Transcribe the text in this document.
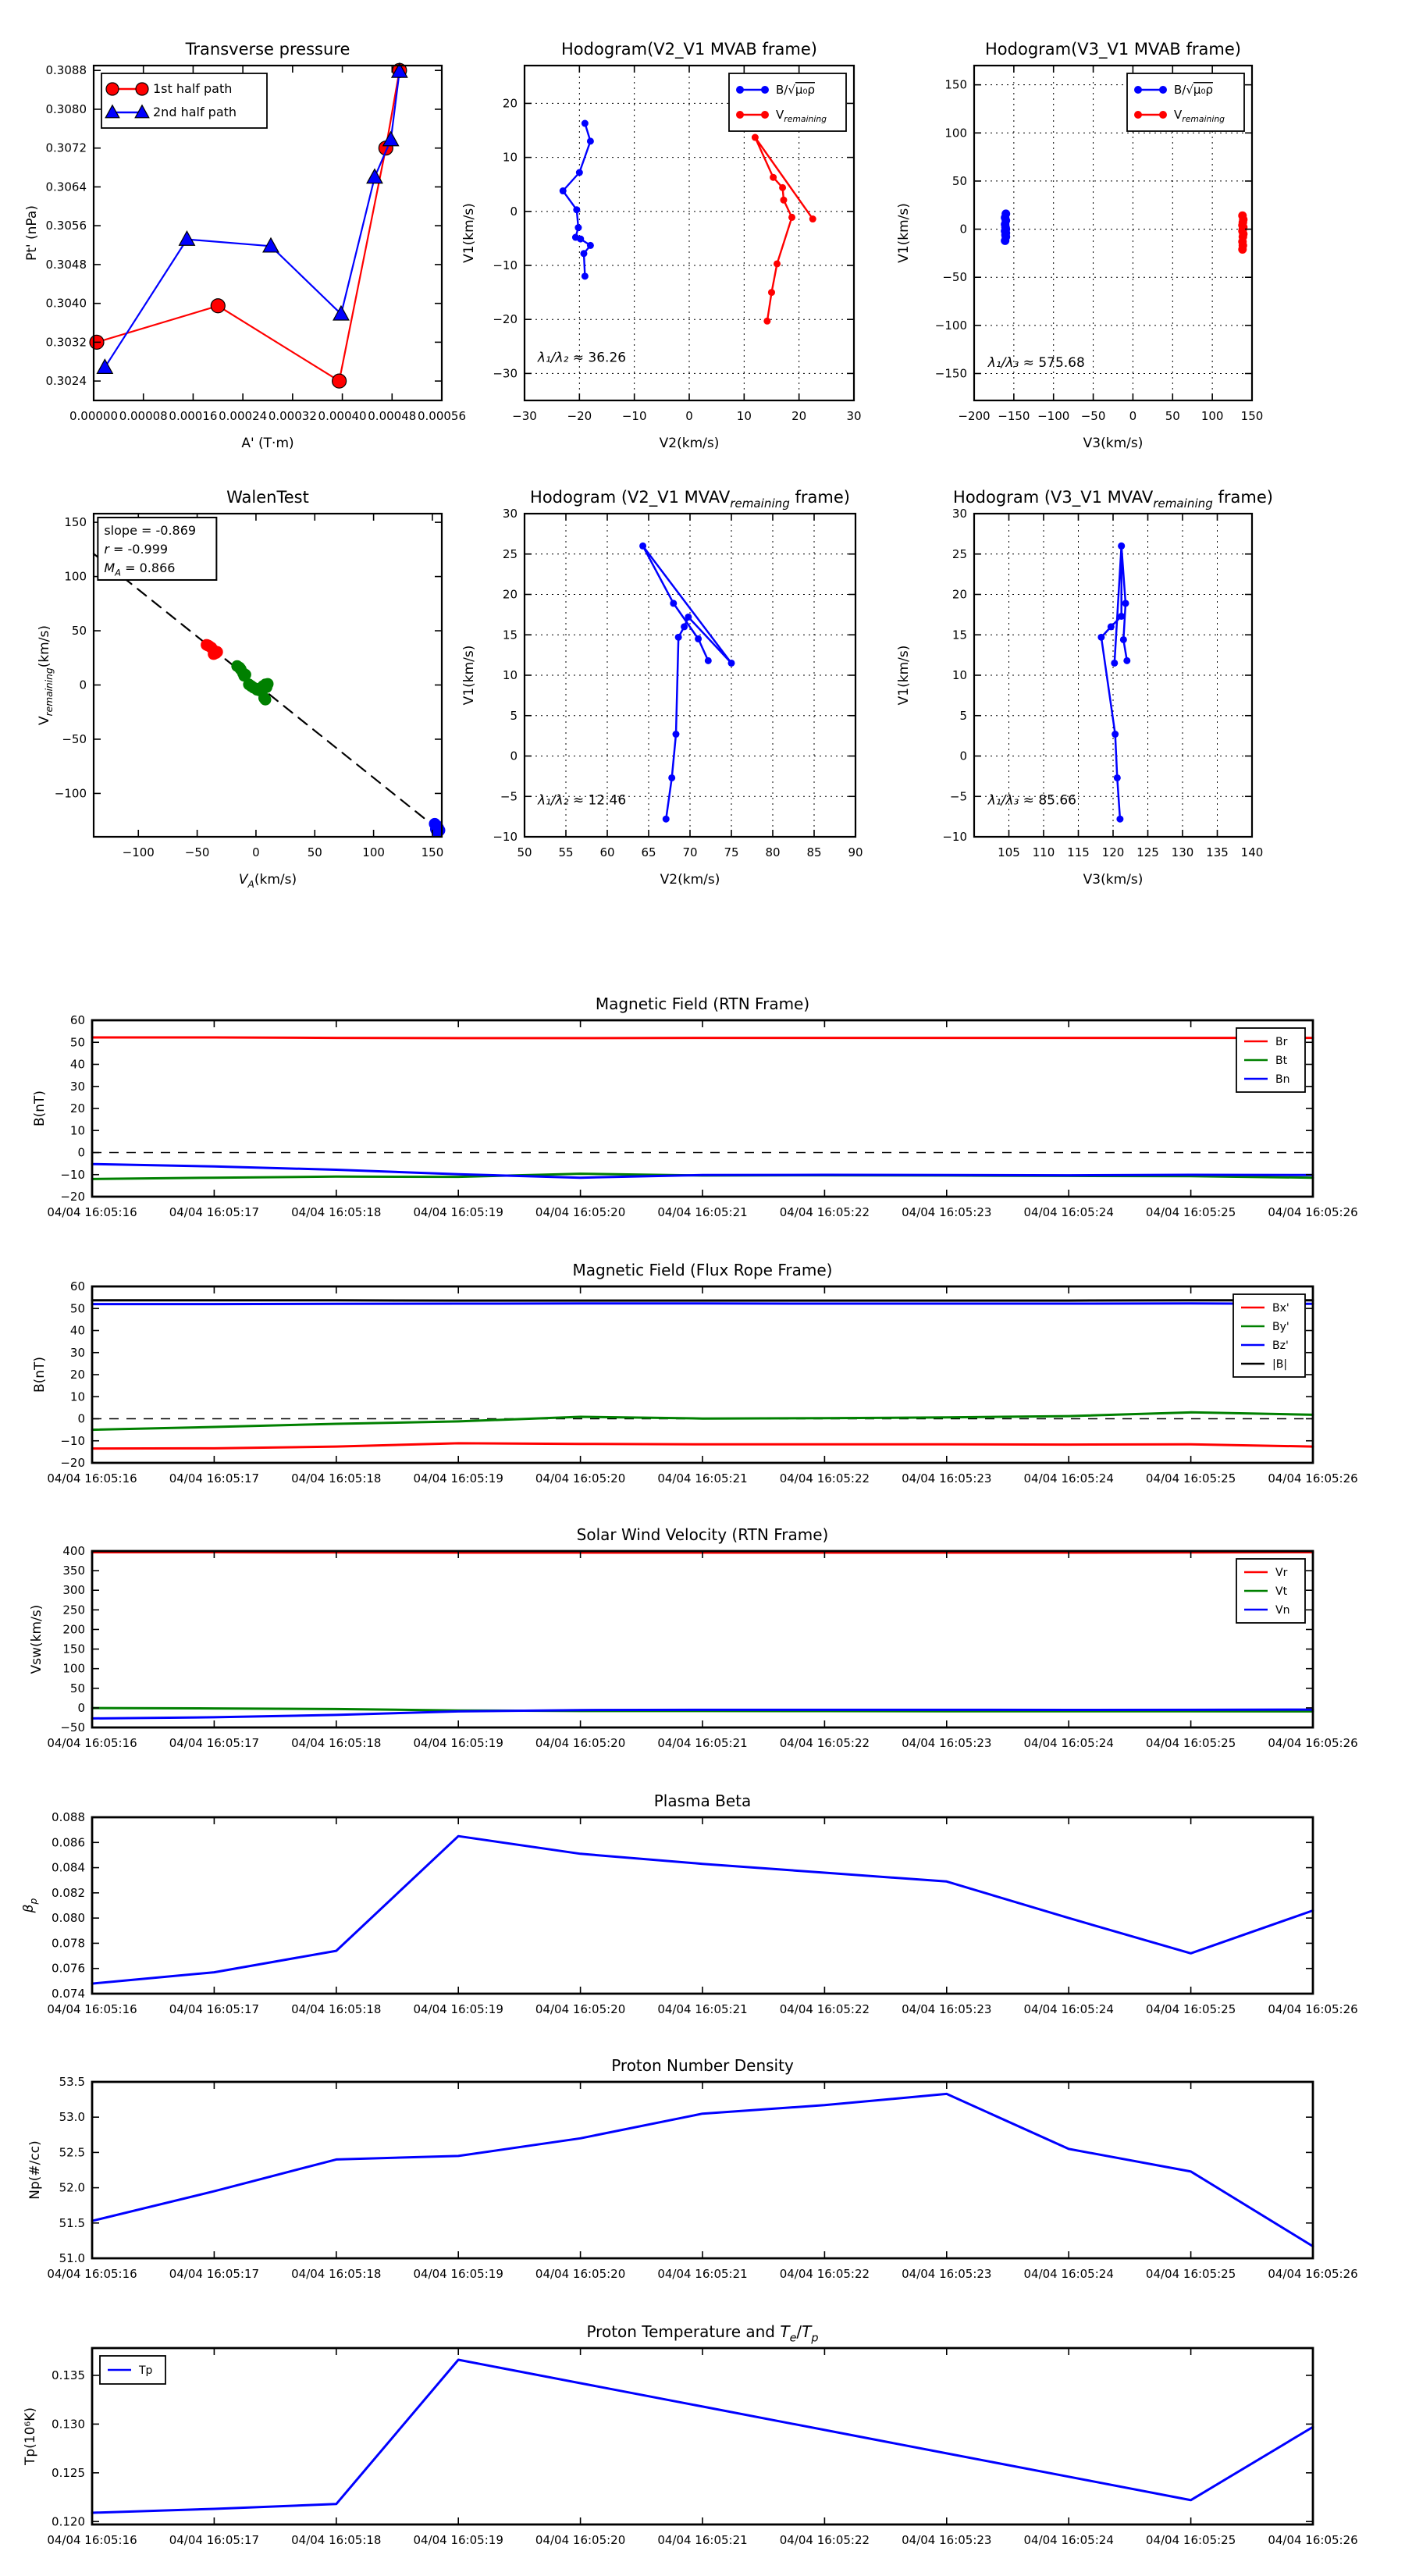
0.00000 0.00008 0.00016 0.00024 0.00032 0.00040 0.00048 0.00056
0.3024
0.3032
0.3040
0.3048
0.3056
0.3064
0.3072
0.3080
0.3088
Transverse pressure
A' (T·m)
Pt' (nPa)
1st half path
2nd half path
−30	−20	−10	0	10	20	30
−30
−20
−10
0
10
20
Hodogram(V2_V1 MVAB frame)
V2(km/s)
V1(km/s)
λ₁/λ₂ ≈ 36.26
B/√μ₀ρ
$V_{remaining}$
−200 −150 −100 −50 0 50 100 150
−150
−100
−50
0
50
100
150
Hodogram(V3_V1 MVAB frame)
V3(km/s)
V1(km/s)
λ₁/λ₃ ≈ 575.68
B/√μ₀ρ
$V_{remaining}$
−100	−50	0	50	100	150
−100
−50
0
50
100
150
WalenTest
$V_A(km/s)$
$V_{remaining}(km/s)$
slope = -0.869
r = -0.999
$M_A = 0.866$
50 55 60 65 70 75 80 85 90
−10
−5
0
5
10
15
20
25
30
Hodogram (V2_V1 $MVAV_{remaining}$ frame)
V2(km/s)
V1(km/s)
λ₁/λ₂ ≈ 12.46
105 110 115 120 125 130 135 140
−10
−5
0
5
10
15
20
25
30
Hodogram (V3_V1 $MVAV_{remaining}$ frame)
V3(km/s)
V1(km/s)
λ₁/λ₃ ≈ 85.66
04/04 16:05:16	04/04 16:05:17	04/04 16:05:18	04/04 16:05:19	04/04 16:05:20	04/04 16:05:21	04/04 16:05:22	04/04 16:05:23	04/04 16:05:24	04/04 16:05:25	04/04 16:05:26
−20
−10
0
10
20
30
40
50
60
Magnetic Field (RTN Frame)
B(nT)
Br
Bt
Bn
04/04 16:05:16	04/04 16:05:17	04/04 16:05:18	04/04 16:05:19	04/04 16:05:20	04/04 16:05:21	04/04 16:05:22	04/04 16:05:23	04/04 16:05:24	04/04 16:05:25	04/04 16:05:26
−20
−10
0
10
20
30
40
50
60
Magnetic Field (Flux Rope Frame)
B(nT)
Bx'
By'
Bz'
|B|
04/04 16:05:16	04/04 16:05:17	04/04 16:05:18	04/04 16:05:19	04/04 16:05:20	04/04 16:05:21	04/04 16:05:22	04/04 16:05:23	04/04 16:05:24	04/04 16:05:25	04/04 16:05:26
−50
0
50
100
150
200
250
300
350
400
Solar Wind Velocity (RTN Frame)
Vsw(km/s)
Vr
Vt
Vn
04/04 16:05:16	04/04 16:05:17	04/04 16:05:18	04/04 16:05:19	04/04 16:05:20	04/04 16:05:21	04/04 16:05:22	04/04 16:05:23	04/04 16:05:24	04/04 16:05:25	04/04 16:05:26
0.074
0.076
0.078
0.080
0.082
0.084
0.086
0.088
Plasma Beta
$\beta_p$
04/04 16:05:16	04/04 16:05:17	04/04 16:05:18	04/04 16:05:19	04/04 16:05:20	04/04 16:05:21	04/04 16:05:22	04/04 16:05:23	04/04 16:05:24	04/04 16:05:25	04/04 16:05:26
51.0
51.5
52.0
52.5
53.0
53.5
Proton Number Density
Np(#/cc)
04/04 16:05:16	04/04 16:05:17	04/04 16:05:18	04/04 16:05:19	04/04 16:05:20	04/04 16:05:21	04/04 16:05:22	04/04 16:05:23	04/04 16:05:24	04/04 16:05:25	04/04 16:05:26
0.120
0.125
0.130
0.135
Proton Temperature and $T_e/T_p$
Tp(10⁶K)
Tp
